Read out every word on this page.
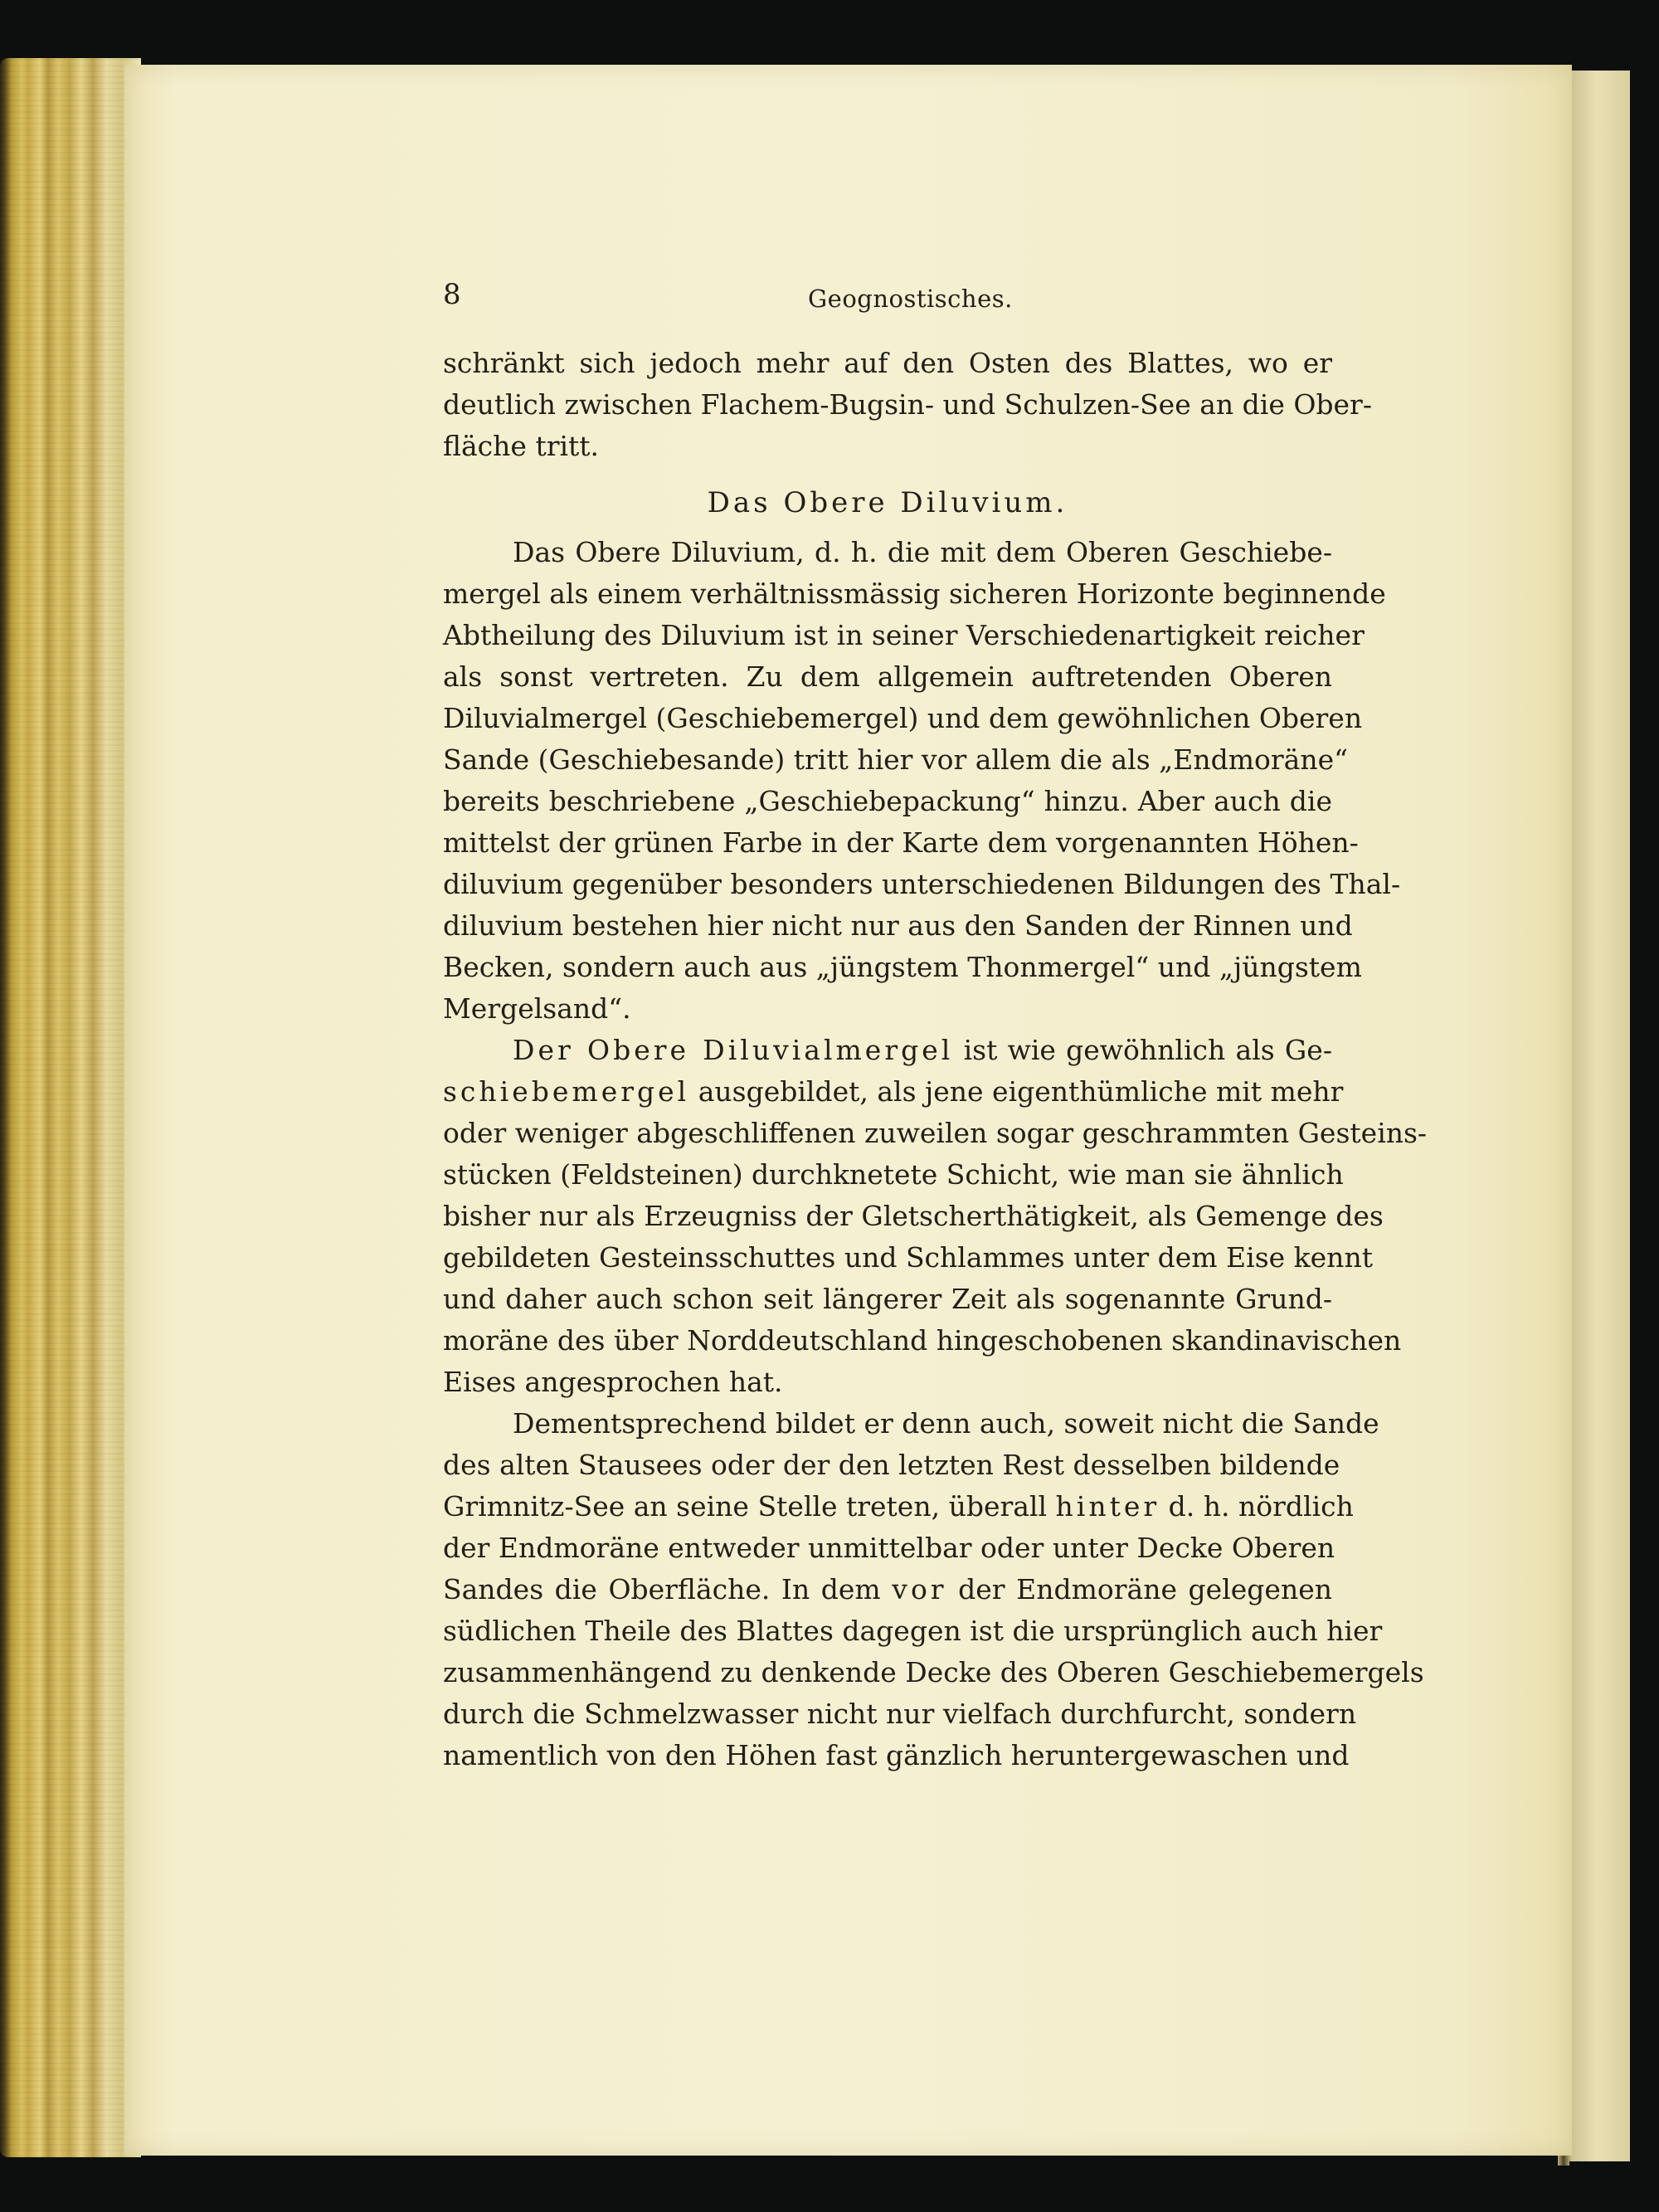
8	Geognostisches.
schränkt sich jedoch mehr auf den Osten des Blattes, wo er
deutlich zwischen Flachem-Bugsin- und Schulzen-See an die Ober-
fläche tritt.
Das Obere Diluvium.
Das Obere Diluvium, d. h. die mit dem Oberen Geschiebe-
mergel als einem verhältnissmässig sicheren Horizonte beginnende
Abtheilung des Diluvium ist in seiner Verschiedenartigkeit reicher
als sonst vertreten. Zu dem allgemein auftretenden Oberen
Diluvialmergel (Geschiebemergel) und dem gewöhnlichen Oberen
Sande (Geschiebesande) tritt hier vor allem die als „Endmoräne“
bereits beschriebene „Geschiebepackung“ hinzu. Aber auch die
mittelst der grünen Farbe in der Karte dem vorgenannten Höhen-
diluvium gegenüber besonders unterschiedenen Bildungen des Thal-
diluvium bestehen hier nicht nur aus den Sanden der Rinnen und
Becken, sondern auch aus „jüngstem Thonmergel“ und „jüngstem
Mergelsand“.
Der Obere Diluvialmergel ist wie gewöhnlich als Ge-
schiebemergel ausgebildet, als jene eigenthümliche mit mehr
oder weniger abgeschliffenen zuweilen sogar geschrammten Gesteins-
stücken (Feldsteinen) durchknetete Schicht, wie man sie ähnlich
bisher nur als Erzeugniss der Gletscherthätigkeit, als Gemenge des
gebildeten Gesteinsschuttes und Schlammes unter dem Eise kennt
und daher auch schon seit längerer Zeit als sogenannte Grund-
moräne des über Norddeutschland hingeschobenen skandinavischen
Eises angesprochen hat.
Dementsprechend bildet er denn auch, soweit nicht die Sande
des alten Stausees oder der den letzten Rest desselben bildende
Grimnitz-See an seine Stelle treten, überall hinter d. h. nördlich
der Endmoräne entweder unmittelbar oder unter Decke Oberen
Sandes die Oberfläche. In dem vor der Endmoräne gelegenen
südlichen Theile des Blattes dagegen ist die ursprünglich auch hier
zusammenhängend zu denkende Decke des Oberen Geschiebemergels
durch die Schmelzwasser nicht nur vielfach durchfurcht, sondern
namentlich von den Höhen fast gänzlich heruntergewaschen und
